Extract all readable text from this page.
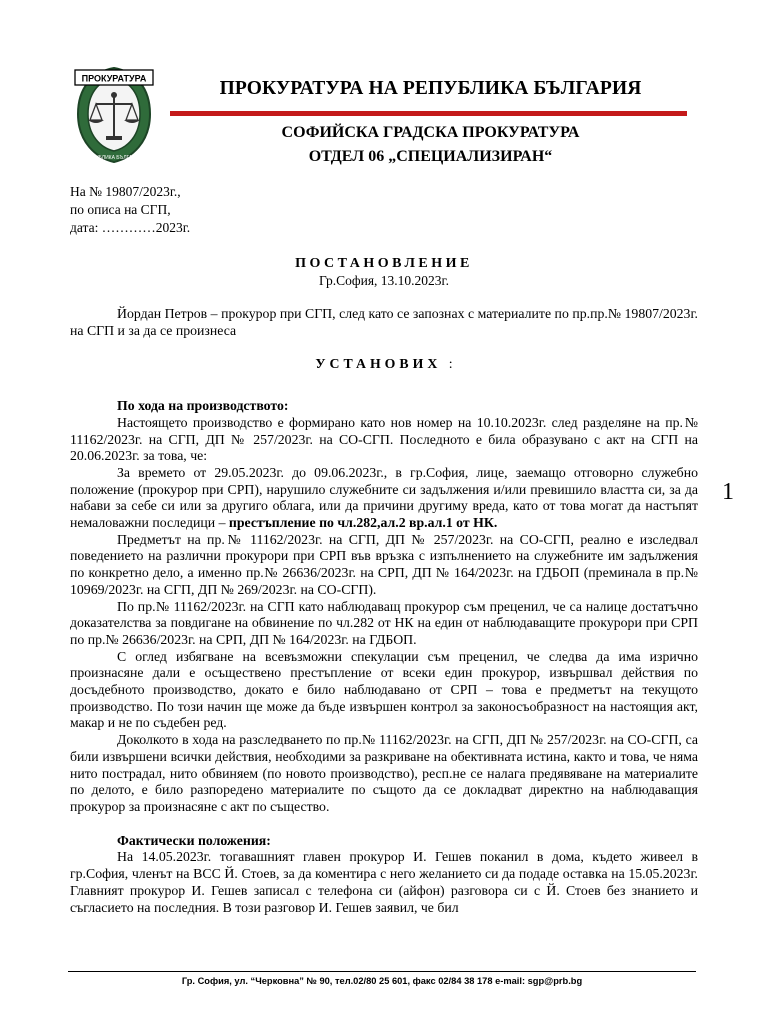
ПРОКУРАТУРА
РЕПУБЛИКА БЪЛГАРИЯ
ПРОКУРАТУРА НА РЕПУБЛИКА БЪЛГАРИЯ
СОФИЙСКА ГРАДСКА ПРОКУРАТУРА
ОТДЕЛ 06 „СПЕЦИАЛИЗИРАН“
На № 19807/2023г.,
по описа на СГП,
дата: …………2023г.
ПОСТАНОВЛЕНИЕ
Гр.София, 13.10.2023г.

Йордан Петров – прокурор при СГП, след като се запознах с материалите по пр.пр.№ 19807/2023г. на СГП и за да се произнеса

УСТАНОВИХ :

По хода на производството:

Настоящето производство е формирано като нов номер на 10.10.2023г. след разделяне на пр.№ 11162/2023г. на СГП, ДП № 257/2023г. на СО-СГП. Последното е била образувано с акт на СГП на 20.06.2023г. за това, че:

За времето от 29.05.2023г. до 09.06.2023г., в гр.София, лице, заемащо отговорно служебно положение (прокурор при СРП), нарушило служебните си задължения и/или превишило властта си, за да набави за себе си или за другиго облага, или да причини другиму вреда, като от това могат да настъпят немаловажни последици – престъпление по чл.282,ал.2 вр.ал.1 от НК.

Предметът на пр.№ 11162/2023г. на СГП, ДП № 257/2023г. на СО-СГП, реално е изследвал поведението на различни прокурори при СРП във връзка с изпълнението на служебните им задължения по конкретно дело, а именно пр.№ 26636/2023г. на СРП, ДП № 164/2023г. на ГДБОП (преминала в пр.№ 10969/2023г. на СГП, ДП № 269/2023г. на СО-СГП).

По пр.№ 11162/2023г. на СГП като наблюдаващ прокурор съм преценил, че са налице достатъчно доказателства за повдигане на обвинение по чл.282 от НК на един от наблюдаващите прокурори при СРП по пр.№ 26636/2023г. на СРП, ДП № 164/2023г. на ГДБОП.

С оглед избягване на всевъзможни спекулации съм преценил, че следва да има изрично произнасяне дали е осъществено престъпление от всеки един прокурор, извършвал действия по досъдебното производство, докато е било наблюдавано от СРП – това е предметът на текущото производство. По този начин ще може да бъде извършен контрол за законосъобразност на настоящия акт, макар и не по съдебен ред.

Доколкото в хода на разследването по пр.№ 11162/2023г. на СГП, ДП № 257/2023г. на СО-СГП, са били извършени всички действия, необходими за разкриване на обективната истина, както и това, че няма нито пострадал, нито обвиняем (по новото производство), респ.не се налага предявяване на материалите по делото, е било разпоредено материалите по същото да се докладват директно на наблюдаващия прокурор за произнасяне с акт по същество.

Фактически положения:

На 14.05.2023г. тогавашният главен прокурор И. Гешев поканил в дома, където живеел в гр.София, членът на ВСС Й. Стоев, за да коментира с него желанието си да подаде оставка на 15.05.2023г. Главният прокурор И. Гешев записал с телефона си (айфон) разговора си с Й. Стоев без знанието и съгласието на последния. В този разговор И. Гешев заявил, че бил

1
Гр. София, ул. “Черковна” № 90, тел.02/80 25 601, факс 02/84 38 178 e-mail: sgp@prb.bg
